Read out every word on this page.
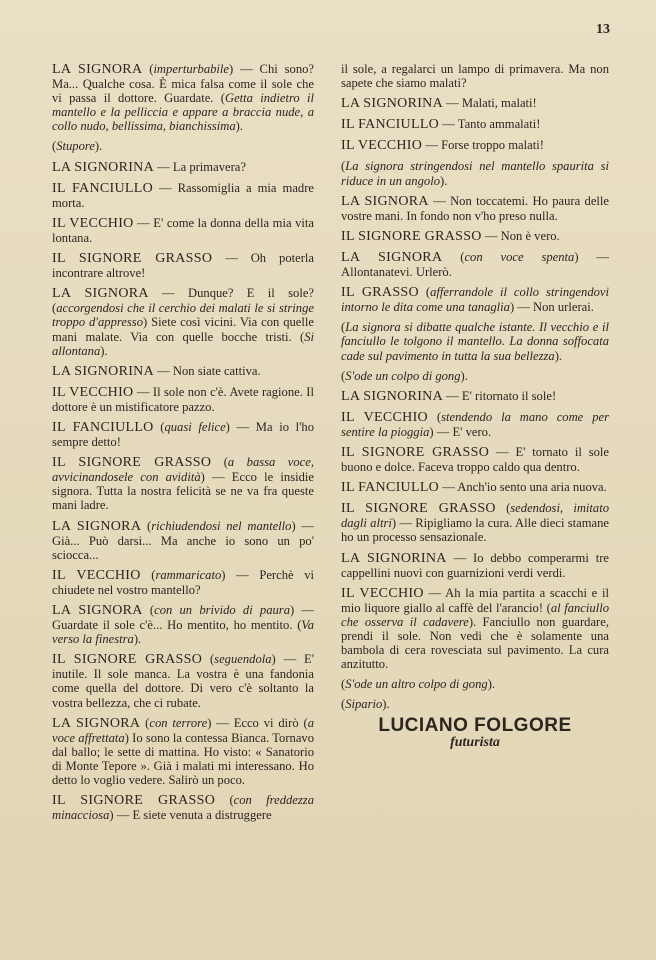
13

LA SIGNORA (imperturbabile) — Chi sono? Ma... Qualche cosa. È mica falsa come il sole che vi passa il dottore. Guardate. (Getta indietro il mantello e la pelliccia e appare a braccia nude, a collo nudo, bellissima, bianchissima).

(Stupore).

LA SIGNORINA — La primavera?

IL FANCIULLO — Rassomiglia a mia madre morta.

IL VECCHIO — E' come la donna della mia vita lontana.

IL SIGNORE GRASSO — Oh poterla incontrare altrove!

LA SIGNORA — Dunque? E il sole? (accorgendosi che il cerchio dei malati le si stringe troppo d'appresso) Siete così vicini. Via con quelle mani malate. Via con quelle bocche tristi. (Si allontana).

LA SIGNORINA — Non siate cattiva.

IL VECCHIO — Il sole non c'è. Avete ragione. Il dottore è un mistificatore pazzo.

IL FANCIULLO (quasi felice) — Ma io l'ho sempre detto!

IL SIGNORE GRASSO (a bassa voce, avvicinandosele con avidità) — Ecco le insidie signora. Tutta la nostra felicità se ne va fra queste mani ladre.

LA SIGNORA (richiudendosi nel mantello) — Già... Può darsi... Ma anche io sono un po' sciocca...

IL VECCHIO (rammaricato) — Perchè vi chiudete nel vostro mantello?

LA SIGNORA (con un brivido di paura) — Guardate il sole c'è... Ho mentito, ho mentito. (Va verso la finestra).

IL SIGNORE GRASSO (seguendola) — E' inutile. Il sole manca. La vostra è una fandonia come quella del dottore. Di vero c'è soltanto la vostra bellezza, che ci rubate.

LA SIGNORA (con terrore) — Ecco vi dirò (a voce affrettata) Io sono la contessa Bianca. Tornavo dal ballo; le sette di mattina. Ho visto: « Sanatorio di Monte Tepore ». Già i malati mi interessano. Ho detto lo voglio vedere. Salirò un poco.

IL SIGNORE GRASSO (con freddezza minacciosa) — E siete venuta a distruggere

il sole, a regalarci un lampo di primavera. Ma non sapete che siamo malati?

LA SIGNORINA — Malati, malati!

IL FANCIULLO — Tanto ammalati!

IL VECCHIO — Forse troppo malati!

(La signora stringendosi nel mantello spaurita si riduce in un angolo).

LA SIGNORA — Non toccatemi. Ho paura delle vostre mani. In fondo non v'ho preso nulla.

IL SIGNORE GRASSO — Non è vero.

LA SIGNORA (con voce spenta) — Allontanatevi. Urlerò.

IL GRASSO (afferrandole il collo stringendovi intorno le dita come una tanaglia) — Non urlerai.

(La signora si dibatte qualche istante. Il vecchio e il fanciullo le tolgono il mantello. La donna soffocata cade sul pavimento in tutta la sua bellezza).

(S'ode un colpo di gong).

LA SIGNORINA — E' ritornato il sole!

IL VECCHIO (stendendo la mano come per sentire la pioggia) — E' vero.

IL SIGNORE GRASSO — E' tornato il sole buono e dolce. Faceva troppo caldo qua dentro.

IL FANCIULLO — Anch'io sento una aria nuova.

IL SIGNORE GRASSO (sedendosi, imitato dagli altri) — Ripigliamo la cura. Alle dieci stamane ho un processo sensazionale.

LA SIGNORINA — Io debbo comperarmi tre cappellini nuovi con guarnizioni verdi verdi.

IL VECCHIO — Ah la mia partita a scacchi e il mio liquore giallo al caffè del l'arancio! (al fanciullo che osserva il cadavere). Fanciullo non guardare, prendi il sole. Non vedi che è solamente una bambola di cera rovesciata sul pavimento. La cura anzitutto.

(S'ode un altro colpo di gong).

(Sipario).

LUCIANO FOLGORE
futurista
